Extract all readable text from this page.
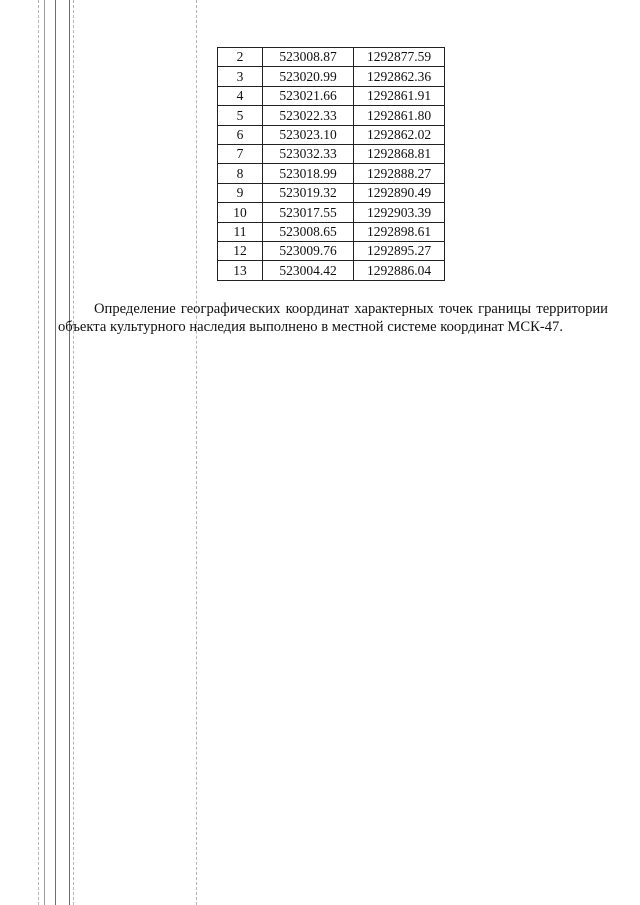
2	523008.87	1292877.59
3	523020.99	1292862.36
4	523021.66	1292861.91
5	523022.33	1292861.80
6	523023.10	1292862.02
7	523032.33	1292868.81
8	523018.99	1292888.27
9	523019.32	1292890.49
10	523017.55	1292903.39
11	523008.65	1292898.61
12	523009.76	1292895.27
13	523004.42	1292886.04

Определение географических координат характерных точек границы территории объекта культурного наследия выполнено в местной системе координат МСК-47.
